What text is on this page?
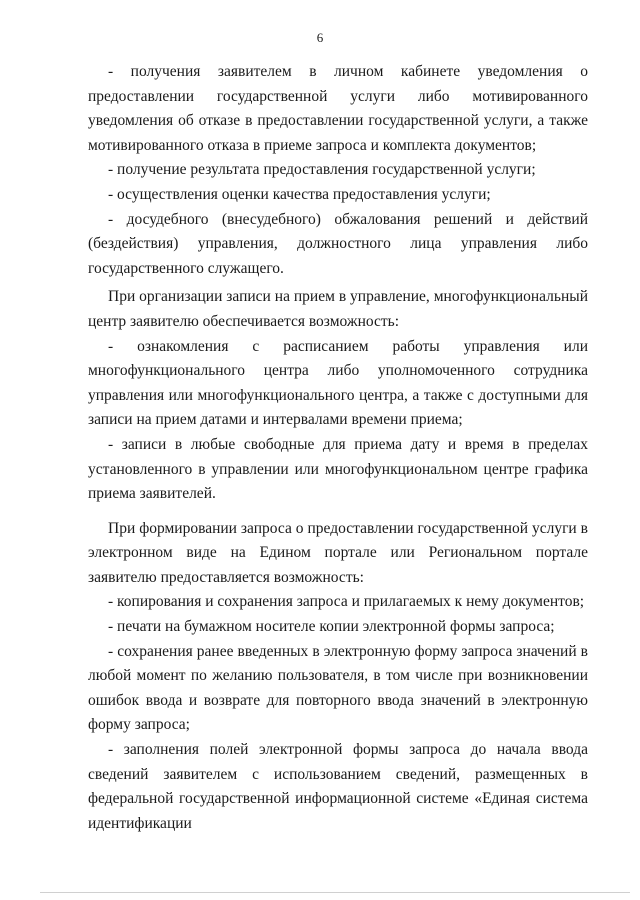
6

- получения заявителем в личном кабинете уведомления о предоставлении государственной услуги либо мотивированного уведомления об отказе в предоставлении государственной услуги, а также мотивированного отказа в приеме запроса и комплекта документов;

- получение результата предоставления государственной услуги;

- осуществления оценки качества предоставления услуги;

- досудебного (внесудебного) обжалования решений и действий (бездействия) управления, должностного лица управления либо государственного служащего.

При организации записи на прием в управление, многофункциональный центр заявителю обеспечивается возможность:

- ознакомления с расписанием работы управления или многофункционального центра либо уполномоченного сотрудника управления или многофункционального центра, а также с доступными для записи на прием датами и интервалами времени приема;

- записи в любые свободные для приема дату и время в пределах установленного в управлении или многофункциональном центре графика приема заявителей.

При формировании запроса о предоставлении государственной услуги в электронном виде на Едином портале или Региональном портале заявителю предоставляется возможность:

- копирования и сохранения запроса и прилагаемых к нему документов;

- печати на бумажном носителе копии электронной формы запроса;

- сохранения ранее введенных в электронную форму запроса значений в любой момент по желанию пользователя, в том числе при возникновении ошибок ввода и возврате для повторного ввода значений в электронную форму запроса;

- заполнения полей электронной формы запроса до начала ввода сведений заявителем с использованием сведений, размещенных в федеральной государственной информационной системе «Единая система идентификации
